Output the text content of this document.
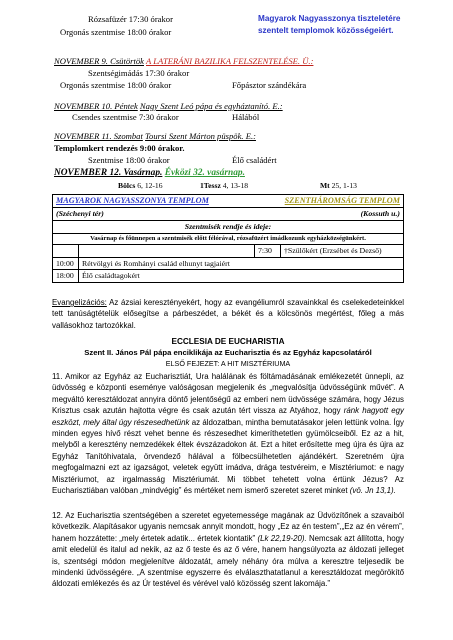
Rózsafüzér 17:30 órakor
Orgonás szentmise 18:00 órakor
Magyarok Nagyasszonya tiszteletére
szentelt templomok közösségeiért.
NOVEMBER 9. Csütörtök A LATERÁNI BAZILIKA FELSZENTELÉSE. Ü.:
Szentségimádás 17:30 órakor
Orgonás szentmise 18:00 órakor	Főpásztor szándékára
NOVEMBER 10. Péntek Nagy Szent Leó pápa és egyháztanító. E.:
Csendes szentmise 7:30 órakor	Hálából
NOVEMBER 11. Szombat Toursi Szent Márton püspök. E.:
Templomkert rendezés 9:00 órakor.
Szentmise 18:00 órakor	Élő családért
NOVEMBER 12. Vasárnap. Évközi 32. vasárnap.
Bölcs 6, 12-16	1Tessz 4, 13-18	Mt 25, 1-13
MAGYAROK NAGYASSZONYA TEMPLOM		SZENTHÁROMSÁG TEMPLOM	
(Széchenyi tér)		(Kossuth u.)	
Szentmisék rendje és ideje:			
Vasárnap és főünnepen a szentmisék előtt félórával, rózsafüzért imádkozunk egyházközségünkért.			
		7:30	†Szülőkért (Erzsébet és Dezső)
10:00	Rétvölgyi és Romhányi család elhunyt tagjaiért		
18:00	Élő családtagokért		
Evangelizációs: Az ázsiai keresztényekért, hogy az evangéliumról szavainkkal és cselekedeteinkkel tett tanúságtételük elősegítse a párbeszédet, a békét és a kölcsönös megértést, főleg a más vallásokhoz tartozókkal.
ECCLESIA DE EUCHARISTIA
Szent II. János Pál pápa enciklikája az Eucharisztia és az Egyház kapcsolatáról
ELSŐ FEJEZET: A HIT MISZTÉRIUMA
11. Amikor az Egyház az Eucharisztiát, Ura halálának és föltámadásának emlékezetét ünnepli, az üdvösség e központi eseménye valóságosan megjelenik és „megvalósítja üdvösségünk művét”. A megváltó keresztáldozat annyira döntő jelentőségű az emberi nem üdvössége számára, hogy Jézus Krisztus csak azután hajtotta végre és csak azután tért vissza az Atyához, hogy ránk hagyott egy eszközt, mely által úgy részesedhetünk az áldozatban, mintha bemutatásakor jelen lettünk volna. Így minden egyes hívő részt vehet benne és részesedhet kimeríthetetlen gyümölcseiből. Ez az a hit, melyből a keresztény nemzedékek éltek évszázadokon át. Ezt a hitet erősítette meg újra és újra az Egyház Tanítóhivatala, örvendező hálával a fölbecsülhetetlen ajándékért. Szeretném újra megfogalmazni ezt az igazságot, veletek együtt imádva, drága testvéreim, e Misztériumot: e nagy Misztériumot, az irgalmasság Misztériumát. Mi többet tehetett volna értünk Jézus? Az Eucharisztiában valóban „mindvégig” és mértéket nem ismerő szeretet szeret minket (vö. Jn 13,1).
12. Az Eucharisztia szentségében a szeretet egyetemessége magának az Üdvözítőnek a szavaiból következik. Alapításakor ugyanis nemcsak annyit mondott, hogy „Ez az én testem”,„Ez az én vérem”, hanem hozzátette: „mely értetek adatik... értetek kiontatik” (Lk 22,19-20). Nemcsak azt állította, hogy amit eledelül és italul ad nekik, az az ő teste és az ő vére, hanem hangsúlyozta az áldozati jelleget is, szentségi módon megjelenítve áldozatát, amely néhány óra múlva a keresztre teljesedik be mindenki üdvösségére. „A szentmise egyszerre és elválaszthatatlanul a keresztáldozat megörökítő áldozati emlékezés és az Úr testével és vérével való közösség szent lakomája.”
